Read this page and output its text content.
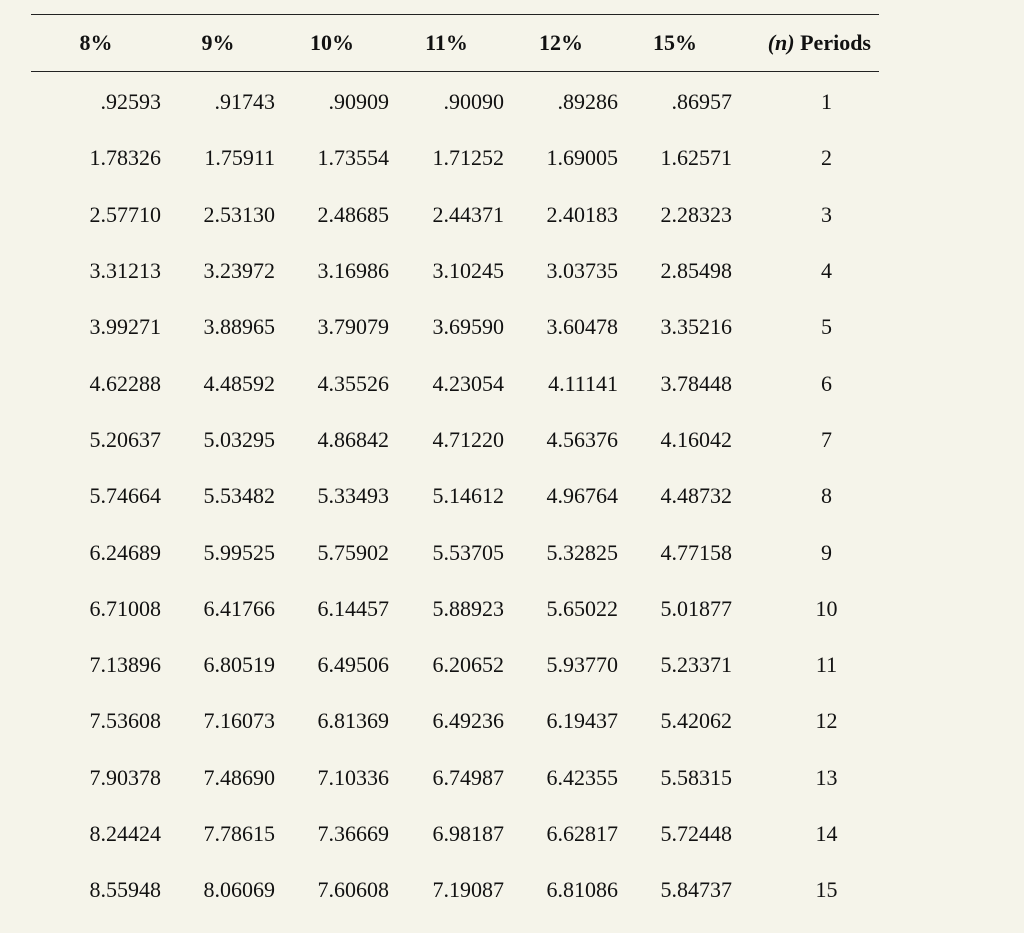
8%	9%	10%	11%	12%	15%	(n) Periods
.92593	.91743	.90909	.90090	.89286	.86957	1
1.78326	1.75911	1.73554	1.71252	1.69005	1.62571	2
2.57710	2.53130	2.48685	2.44371	2.40183	2.28323	3
3.31213	3.23972	3.16986	3.10245	3.03735	2.85498	4
3.99271	3.88965	3.79079	3.69590	3.60478	3.35216	5
4.62288	4.48592	4.35526	4.23054	4.11141	3.78448	6
5.20637	5.03295	4.86842	4.71220	4.56376	4.16042	7
5.74664	5.53482	5.33493	5.14612	4.96764	4.48732	8
6.24689	5.99525	5.75902	5.53705	5.32825	4.77158	9
6.71008	6.41766	6.14457	5.88923	5.65022	5.01877	10
7.13896	6.80519	6.49506	6.20652	5.93770	5.23371	11
7.53608	7.16073	6.81369	6.49236	6.19437	5.42062	12
7.90378	7.48690	7.10336	6.74987	6.42355	5.58315	13
8.24424	7.78615	7.36669	6.98187	6.62817	5.72448	14
8.55948	8.06069	7.60608	7.19087	6.81086	5.84737	15
